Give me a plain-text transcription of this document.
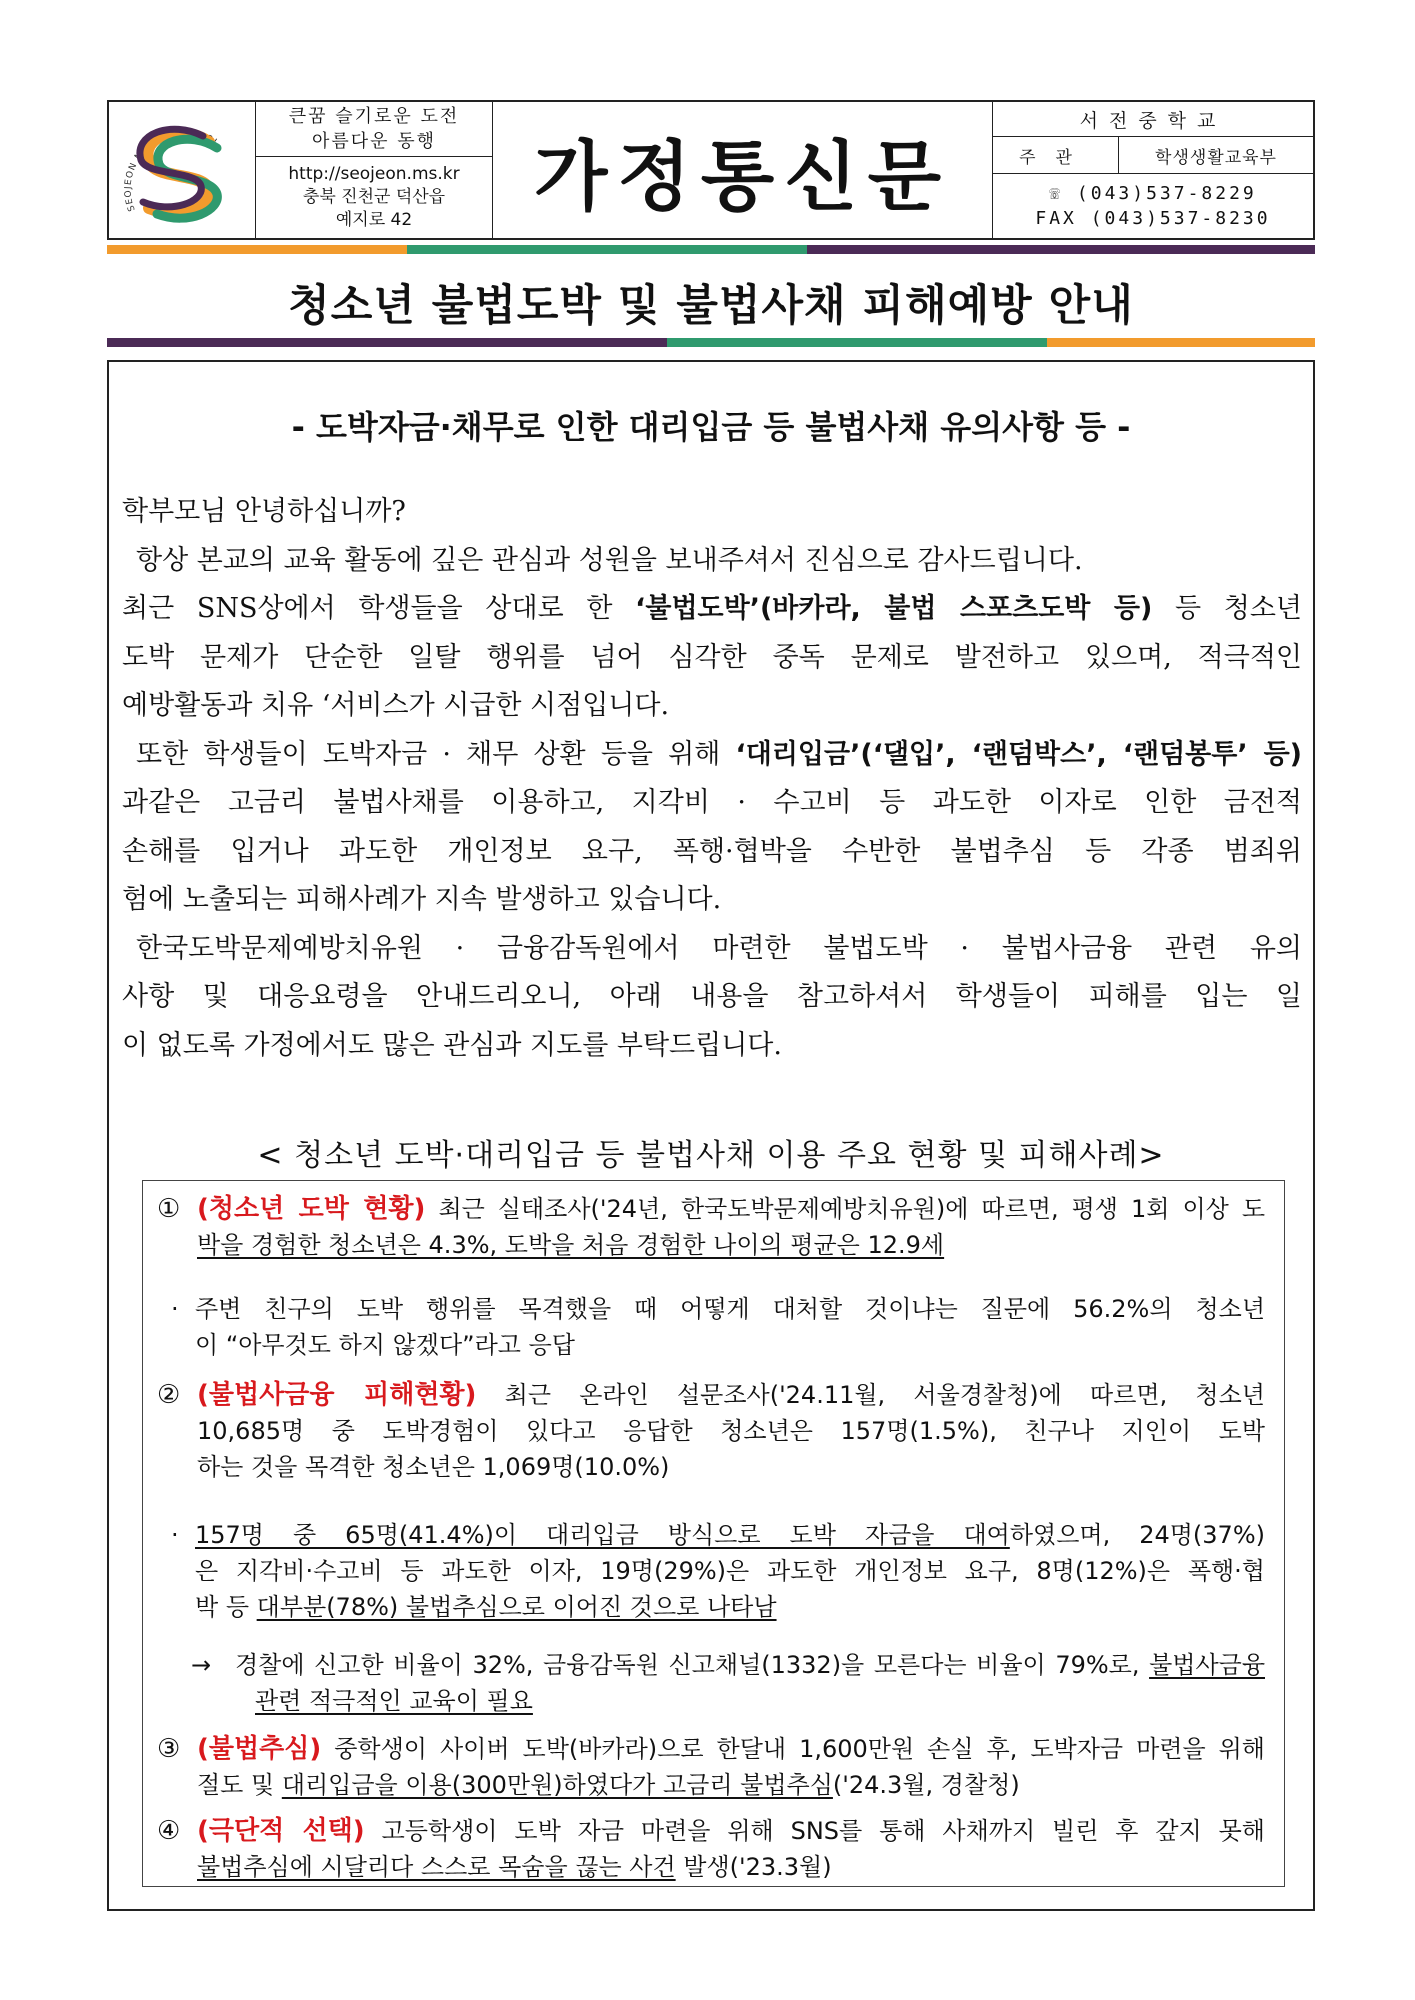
SEOJEON MIDDLE SCHOOL
큰꿈 슬기로운 도전
아름다운 동행
http://seojeon.ms.kr
충북 진천군 덕산읍
예지로 42 가정통신문
서전중학교
주관	학생생활교육부
☏ (043)537-8229
FAX (043)537-8230
청소년 불법도박 및 불법사채 피해예방 안내
- 도박자금·채무로 인한 대리입금 등 불법사채 유의사항 등 -

학부모님 안녕하십니까?

항상 본교의 교육 활동에 깊은 관심과 성원을 보내주셔서 진심으로 감사드립니다.

최근 SNS상에서 학생들을 상대로 한 ‘불법도박’(바카라, 불법 스포츠도박 등) 등 청소년

도박 문제가 단순한 일탈 행위를 넘어 심각한 중독 문제로 발전하고 있으며, 적극적인

예방활동과 치유 ‘서비스가 시급한 시점입니다.

또한 학생들이 도박자금 · 채무 상환 등을 위해 ‘대리입금’(‘댈입’, ‘랜덤박스’, ‘랜덤봉투’ 등)

과같은 고금리 불법사채를 이용하고, 지각비 · 수고비 등 과도한 이자로 인한 금전적

손해를 입거나 과도한 개인정보 요구, 폭행·협박을 수반한 불법추심 등 각종 범죄위

험에 노출되는 피해사례가 지속 발생하고 있습니다.

한국도박문제예방치유원 · 금융감독원에서 마련한 불법도박 · 불법사금융 관련 유의

사항 및 대응요령을 안내드리오니, 아래 내용을 참고하셔서 학생들이 피해를 입는 일

이 없도록 가정에서도 많은 관심과 지도를 부탁드립니다.

< 청소년 도박·대리입금 등 불법사채 이용 주요 현황 및 피해사례>
① (청소년 도박 현황) 최근 실태조사('24년, 한국도박문제예방치유원)에 따르면, 평생 1회 이상 도
박을 경험한 청소년은 4.3%, 도박을 처음 경험한 나이의 평균은 12.9세
· 주변 친구의 도박 행위를 목격했을 때 어떻게 대처할 것이냐는 질문에 56.2%의 청소년
이 “아무것도 하지 않겠다”라고 응답
② (불법사금융 피해현황) 최근 온라인 설문조사('24.11월, 서울경찰청)에 따르면, 청소년
10,685명 중 도박경험이 있다고 응답한 청소년은 157명(1.5%), 친구나 지인이 도박
하는 것을 목격한 청소년은 1,069명(10.0%)
· 157명 중 65명(41.4%)이 대리입금 방식으로 도박 자금을 대여하였으며, 24명(37%)
은 지각비·수고비 등 과도한 이자, 19명(29%)은 과도한 개인정보 요구, 8명(12%)은 폭행·협
박 등 대부분(78%) 불법추심으로 이어진 것으로 나타남
→ 경찰에 신고한 비율이 32%, 금융감독원 신고채널(1332)을 모른다는 비율이 79%로, 불법사금융
관련 적극적인 교육이 필요
③ (불법추심) 중학생이 사이버 도박(바카라)으로 한달내 1,600만원 손실 후, 도박자금 마련을 위해
절도 및 대리입금을 이용(300만원)하였다가 고금리 불법추심('24.3월, 경찰청)
④ (극단적 선택) 고등학생이 도박 자금 마련을 위해 SNS를 통해 사채까지 빌린 후 갚지 못해
불법추심에 시달리다 스스로 목숨을 끊는 사건 발생('23.3월)
